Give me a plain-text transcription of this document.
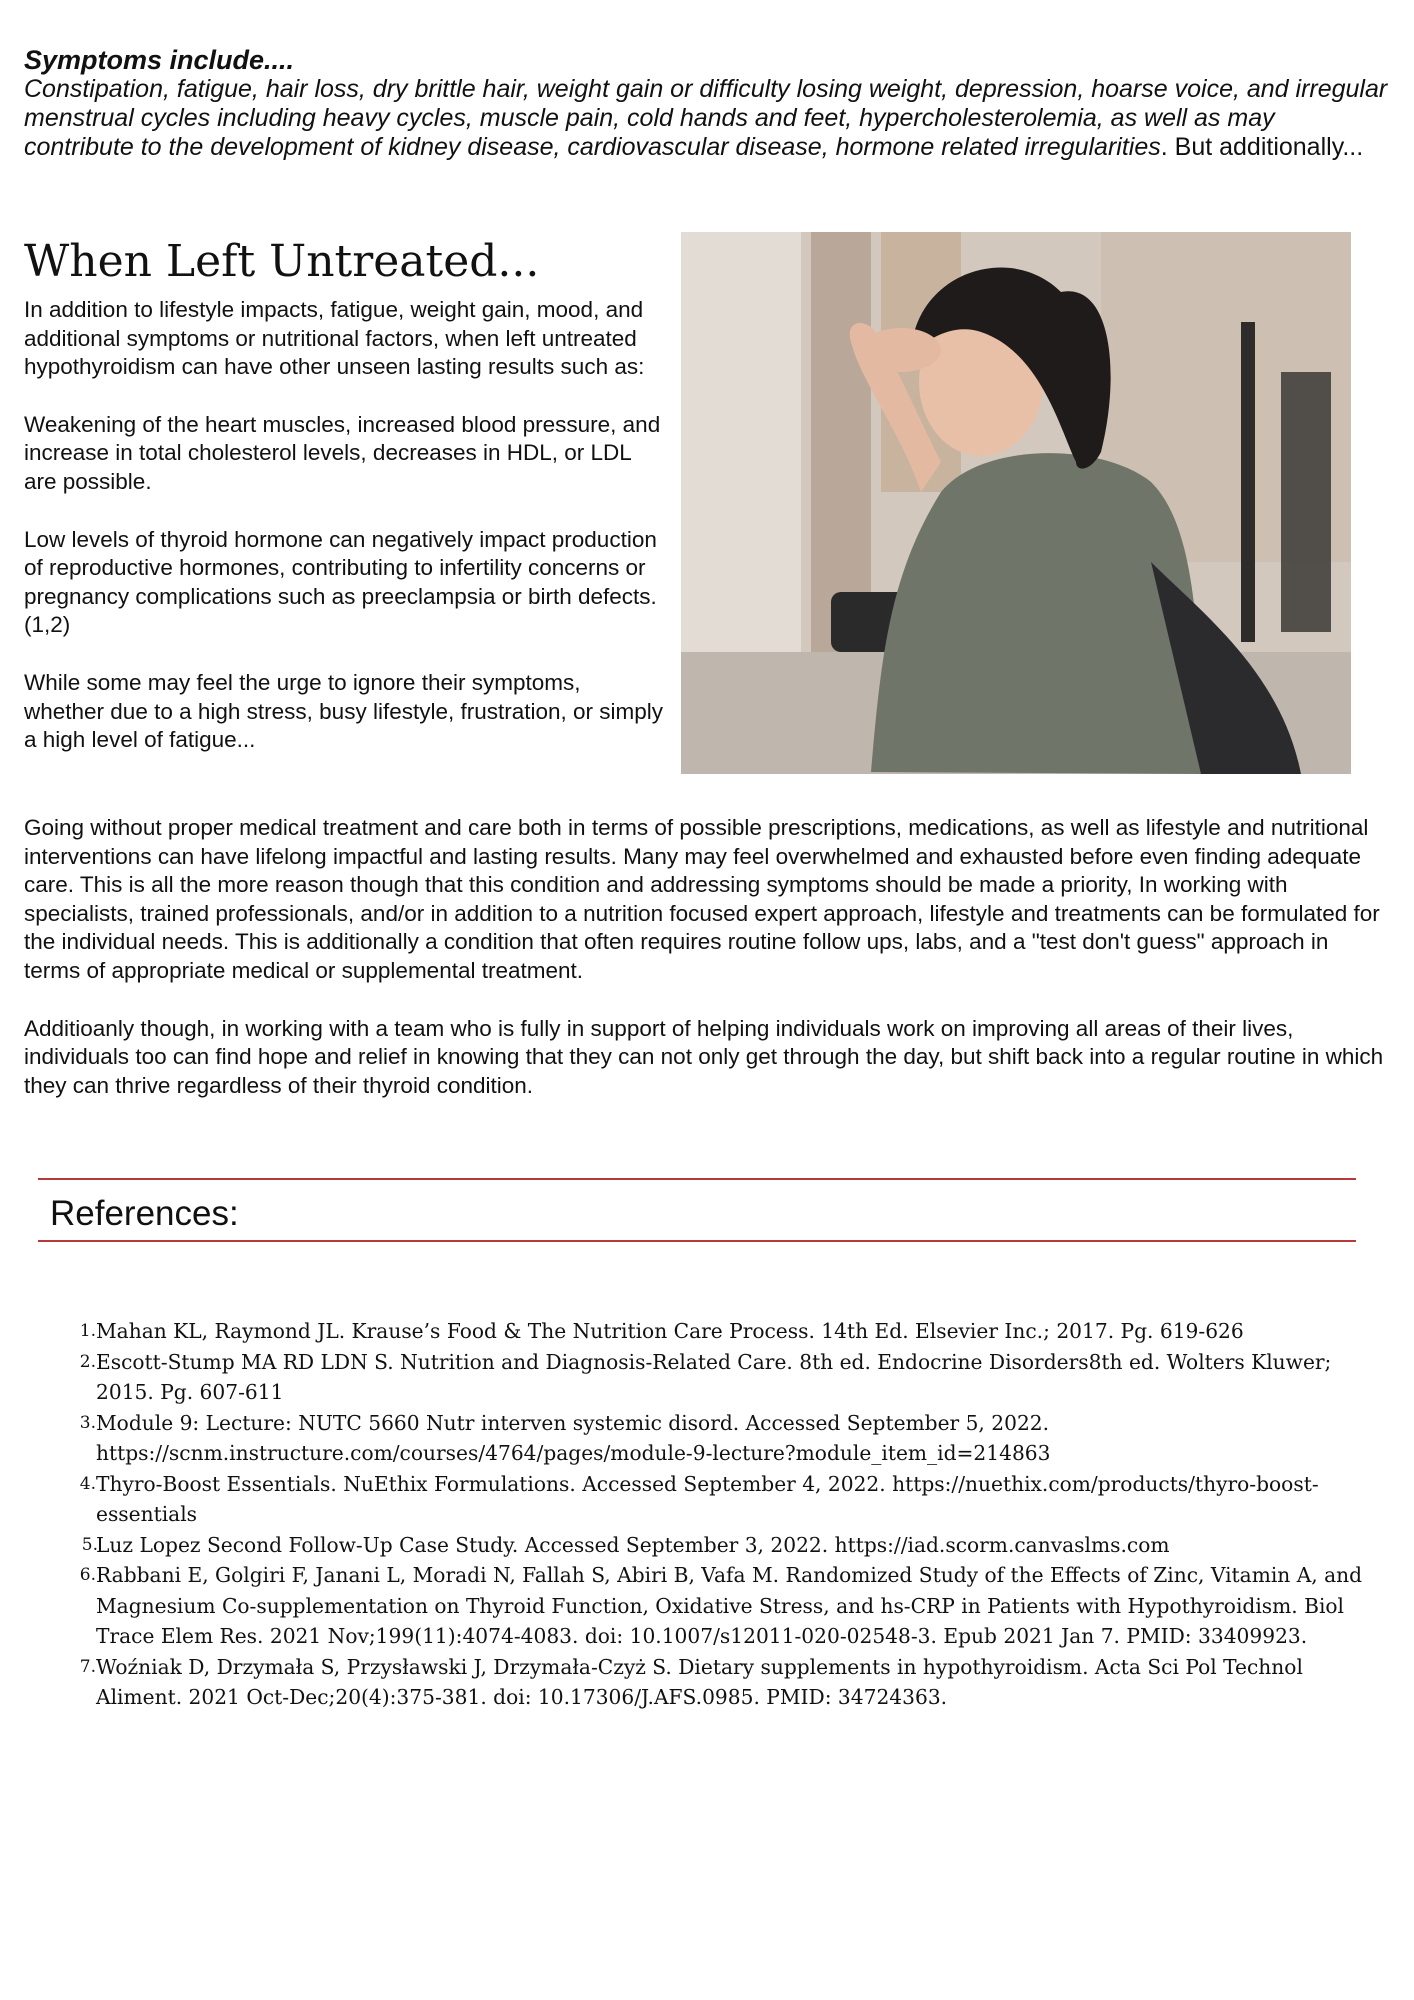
Symptoms include....
Constipation, fatigue, hair loss, dry brittle hair, weight gain or difficulty losing weight, depression, hoarse voice, and irregular menstrual cycles including heavy cycles, muscle pain, cold hands and feet, hypercholesterolemia, as well as may contribute to the development of kidney disease, cardiovascular disease, hormone related irregularities. But additionally...
When Left Untreated...

In addition to lifestyle impacts, fatigue, weight gain, mood, and additional symptoms or nutritional factors, when left untreated hypothyroidism can have other unseen lasting results such as:

Weakening of the heart muscles, increased blood pressure, and increase in total cholesterol levels, decreases in HDL, or LDL are possible.

Low levels of thyroid hormone can negatively impact production of reproductive hormones, contributing to infertility concerns or pregnancy complications such as preeclampsia or birth defects. (1,2)

While some may feel the urge to ignore their symptoms, whether due to a high stress, busy lifestyle, frustration, or simply a high level of fatigue...

Going without proper medical treatment and care both in terms of possible prescriptions, medications, as well as lifestyle and nutritional interventions can have lifelong impactful and lasting results. Many may feel overwhelmed and exhausted before even finding adequate care. This is all the more reason though that this condition and addressing symptoms should be made a priority, In working with specialists, trained professionals, and/or in addition to a nutrition focused expert approach, lifestyle and treatments can be formulated for the individual needs. This is additionally a condition that often requires routine follow ups, labs, and a "test don't guess" approach in terms of appropriate medical or supplemental treatment.

Additioanly though, in working with a team who is fully in support of helping individuals work on improving all areas of their lives, individuals too can find hope and relief in knowing that they can not only get through the day, but shift back into a regular routine in which they can thrive regardless of their thyroid condition.

References:
1. Mahan KL, Raymond JL. Krause’s Food & The Nutrition Care Process. 14th Ed. Elsevier Inc.; 2017. Pg. 619-626
2. Escott-Stump MA RD LDN S. Nutrition and Diagnosis-Related Care. 8th ed. Endocrine Disorders8th ed. Wolters Kluwer; 2015. Pg. 607-611
3. Module 9: Lecture: NUTC 5660 Nutr interven systemic disord. Accessed September 5, 2022. https://scnm.instructure.com/courses/4764/pages/module-9-lecture?module_item_id=214863
4. Thyro-Boost Essentials. NuEthix Formulations. Accessed September 4, 2022. https://nuethix.com/products/thyro-boost-essentials
5.
Luz Lopez Second Follow-Up Case Study. Accessed September 3, 2022. https://iad.scorm.canvaslms.com
6. Rabbani E, Golgiri F, Janani L, Moradi N, Fallah S, Abiri B, Vafa M. Randomized Study of the Effects of Zinc, Vitamin A, and Magnesium Co-supplementation on Thyroid Function, Oxidative Stress, and hs-CRP in Patients with Hypothyroidism. Biol Trace Elem Res. 2021 Nov;199(11):4074-4083. doi: 10.1007/s12011-020-02548-3. Epub 2021 Jan 7. PMID: 33409923.
7. Woźniak D, Drzymała S, Przysławski J, Drzymała-Czyż S. Dietary supplements in hypothyroidism. Acta Sci Pol Technol Aliment. 2021 Oct-Dec;20(4):375-381. doi: 10.17306/J.AFS.0985. PMID: 34724363.
